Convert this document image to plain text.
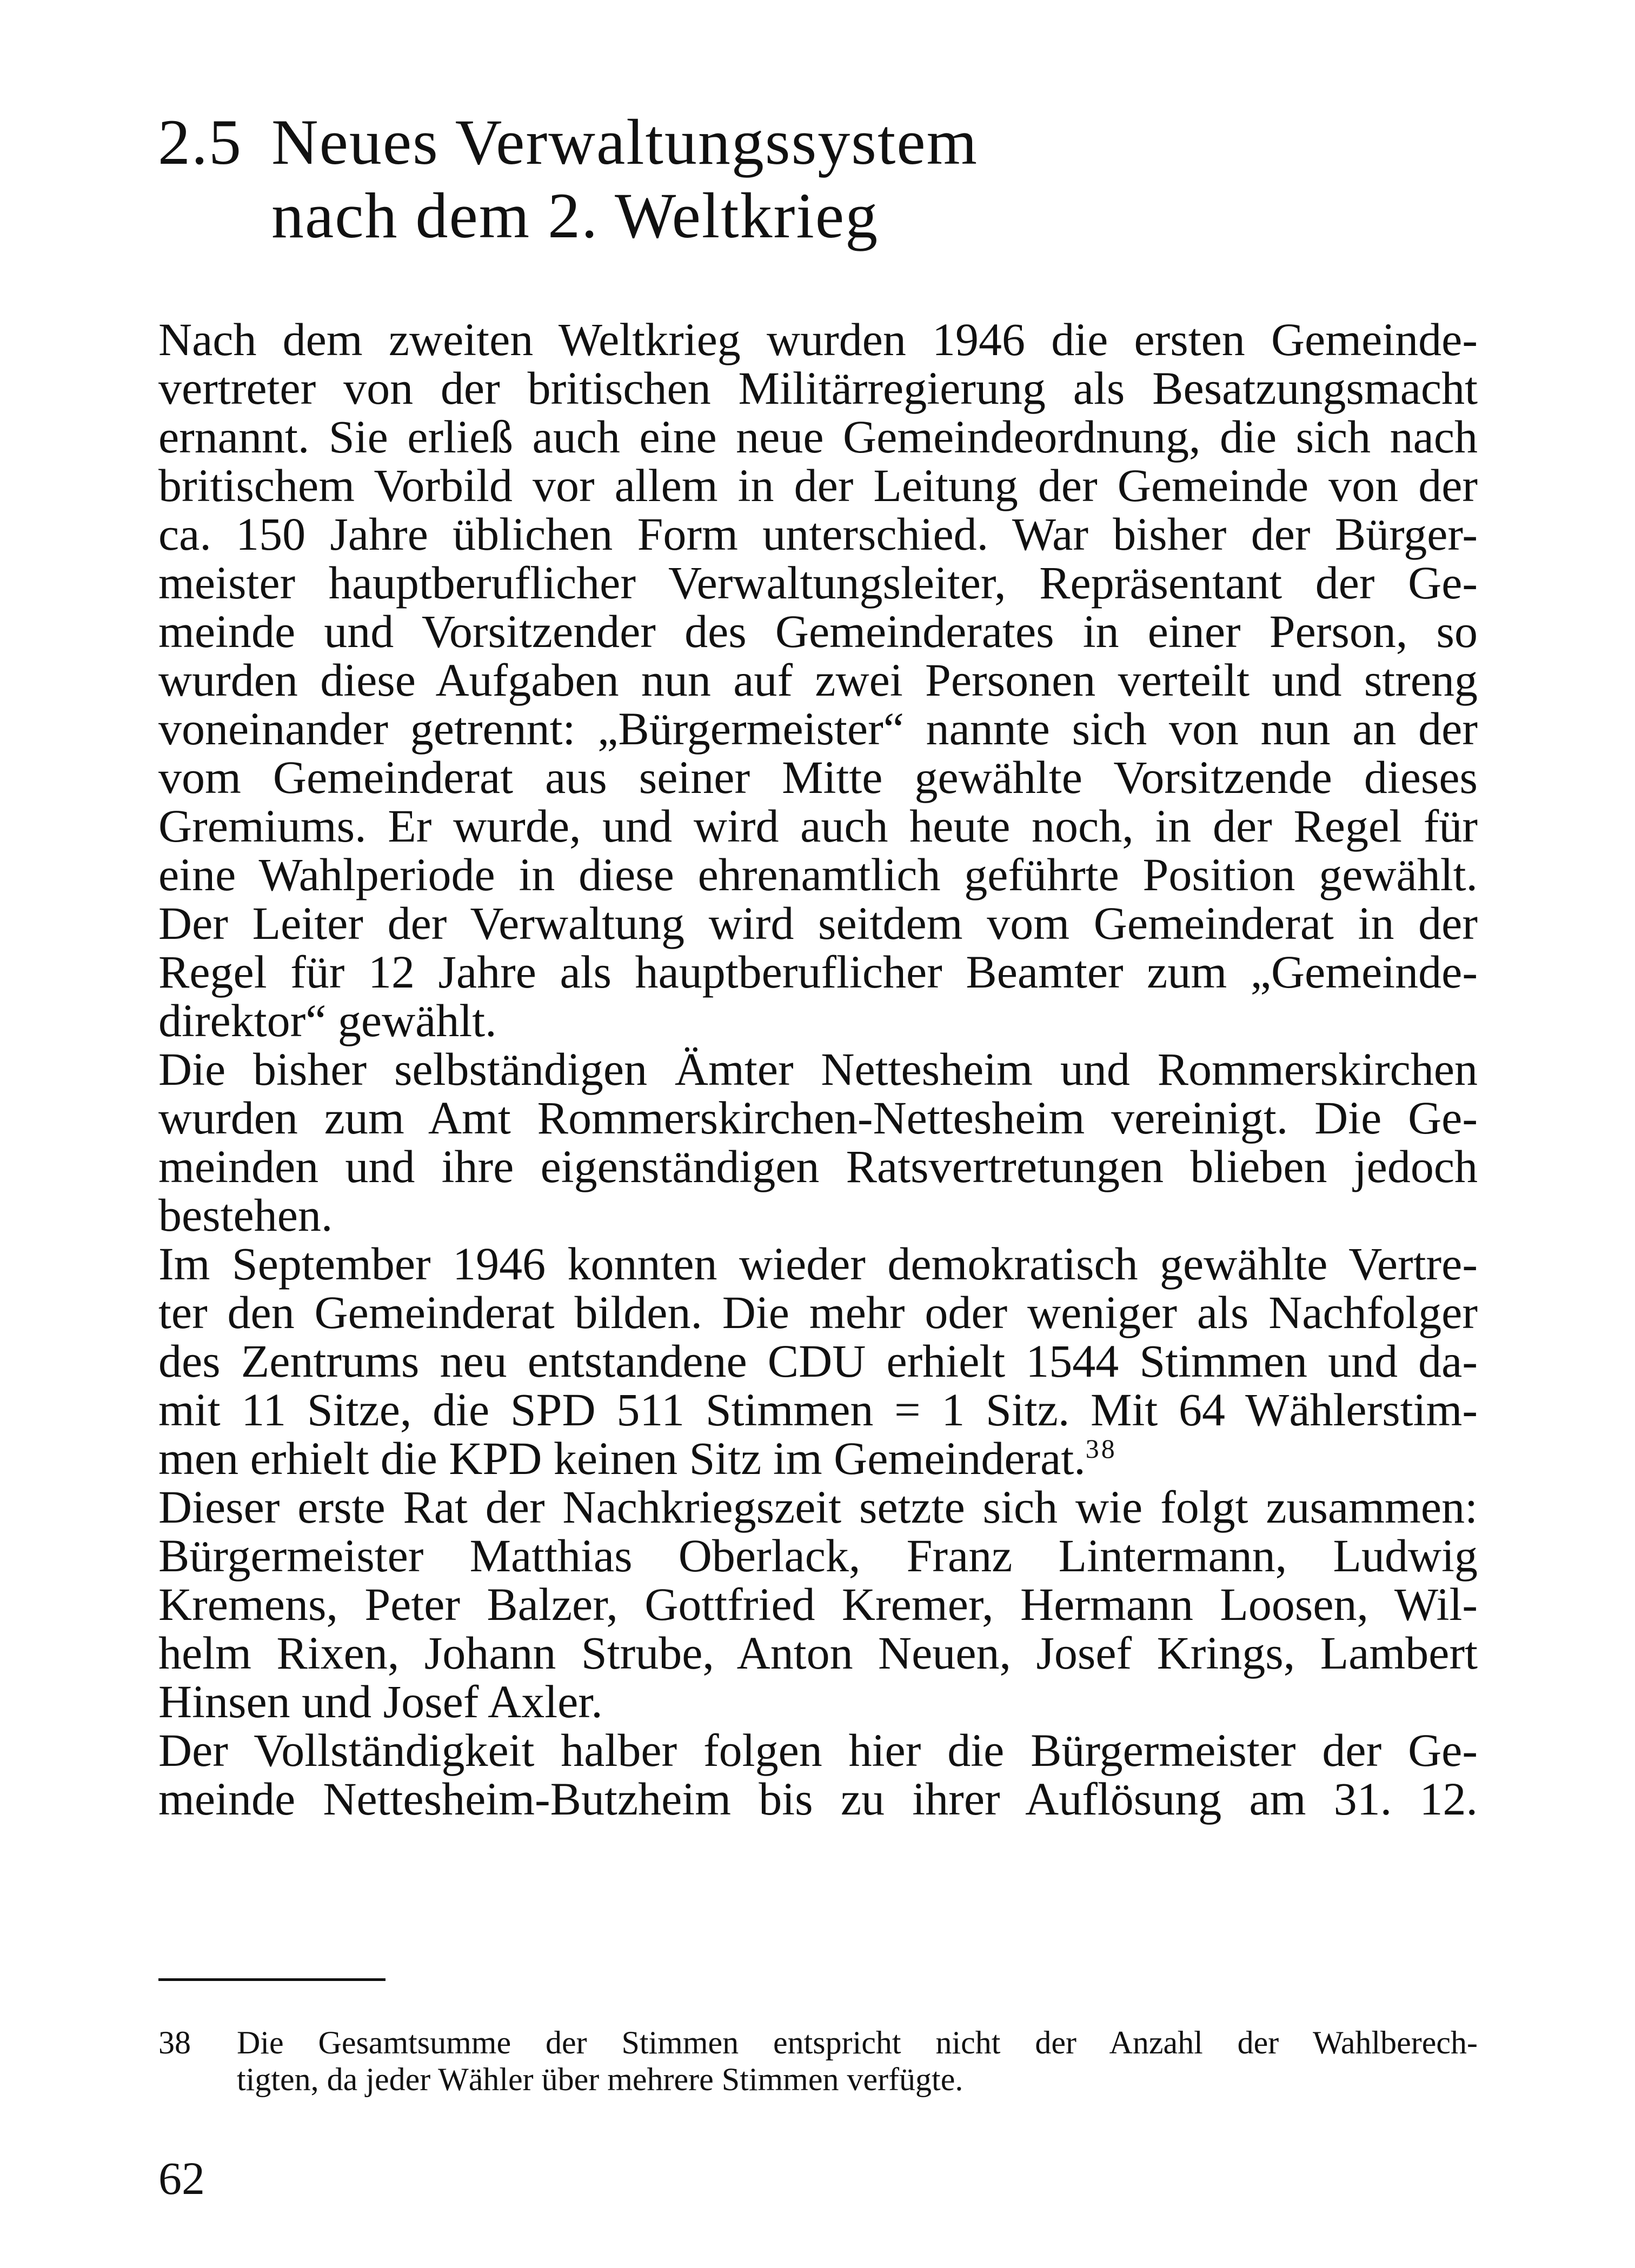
2.5 Neues Verwaltungssystem
nach dem 2. Weltkrieg
Nach dem zweiten Weltkrieg wurden 1946 die ersten Gemeinde-
vertreter von der britischen Militärregierung als Besatzungsmacht
ernannt. Sie erließ auch eine neue Gemeindeordnung, die sich nach
britischem Vorbild vor allem in der Leitung der Gemeinde von der
ca. 150 Jahre üblichen Form unterschied. War bisher der Bürger-
meister hauptberuflicher Verwaltungsleiter, Repräsentant der Ge-
meinde und Vorsitzender des Gemeinderates in einer Person, so
wurden diese Aufgaben nun auf zwei Personen verteilt und streng
voneinander getrennt: „Bürgermeister“ nannte sich von nun an der
vom Gemeinderat aus seiner Mitte gewählte Vorsitzende dieses
Gremiums. Er wurde, und wird auch heute noch, in der Regel für
eine Wahlperiode in diese ehrenamtlich geführte Position gewählt.
Der Leiter der Verwaltung wird seitdem vom Gemeinderat in der
Regel für 12 Jahre als hauptberuflicher Beamter zum „Gemeinde-
direktor“ gewählt.
Die bisher selbständigen Ämter Nettesheim und Rommerskirchen
wurden zum Amt Rommerskirchen-Nettesheim vereinigt. Die Ge-
meinden und ihre eigenständigen Ratsvertretungen blieben jedoch
bestehen.
Im September 1946 konnten wieder demokratisch gewählte Vertre-
ter den Gemeinderat bilden. Die mehr oder weniger als Nachfolger
des Zentrums neu entstandene CDU erhielt 1544 Stimmen und da-
mit 11 Sitze, die SPD 511 Stimmen = 1 Sitz. Mit 64 Wählerstim-
men erhielt die KPD keinen Sitz im Gemeinderat.$^{38}$
Dieser erste Rat der Nachkriegszeit setzte sich wie folgt zusammen:
Bürgermeister Matthias Oberlack, Franz Lintermann, Ludwig
Kremens, Peter Balzer, Gottfried Kremer, Hermann Loosen, Wil-
helm Rixen, Johann Strube, Anton Neuen, Josef Krings, Lambert
Hinsen und Josef Axler.
Der Vollständigkeit halber folgen hier die Bürgermeister der Ge-
meinde Nettesheim-Butzheim bis zu ihrer Auflösung am 31. 12.
38 Die Gesamtsumme der Stimmen entspricht nicht der Anzahl der Wahlberech-
tigten, da jeder Wähler über mehrere Stimmen verfügte.
62
